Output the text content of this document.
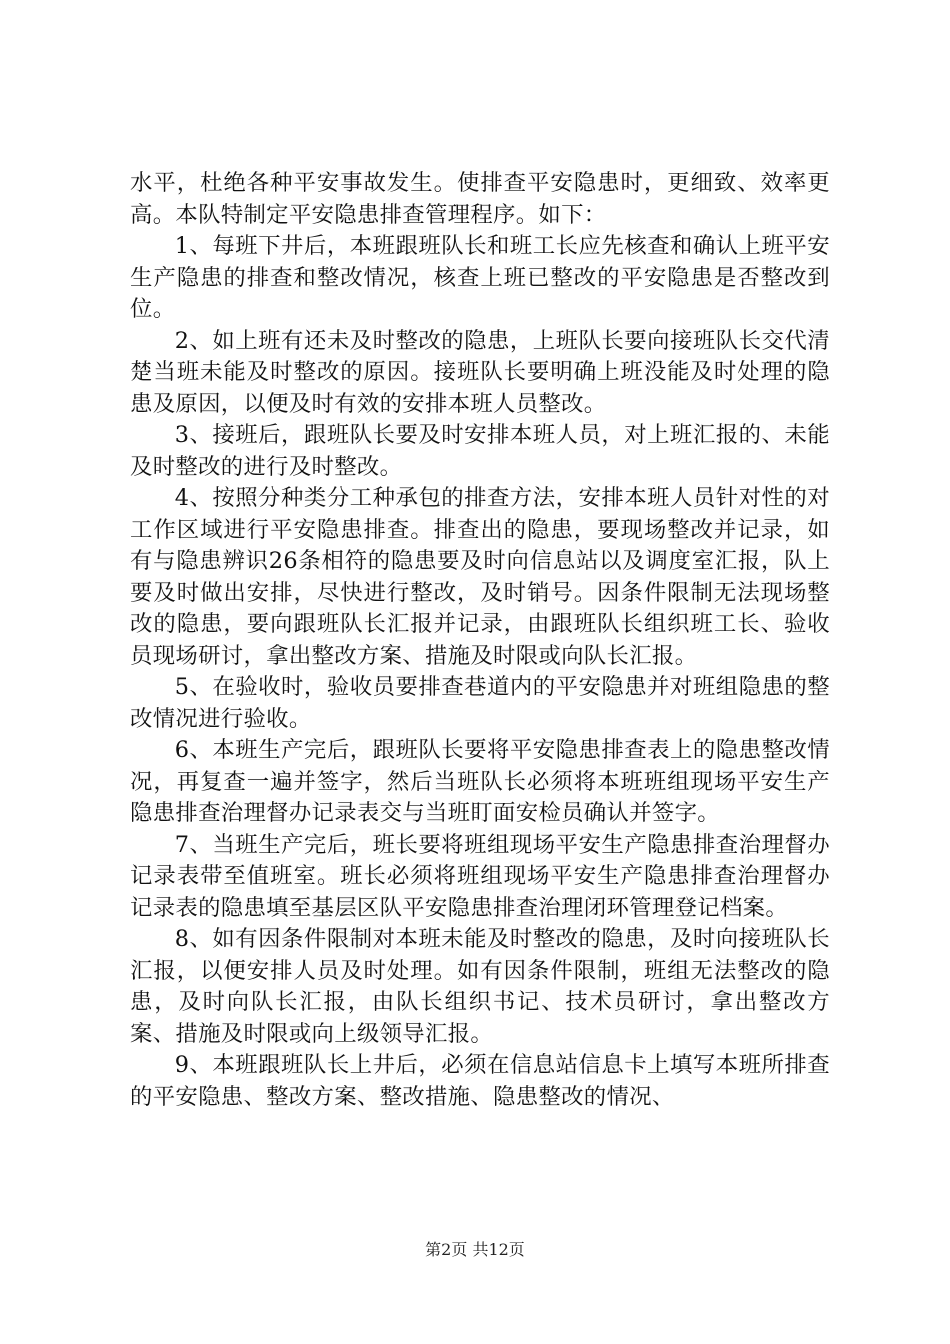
水平，杜绝各种平安事故发生。使排查平安隐患时，更细致、效率更高。本队特制定平安隐患排查管理程序。如下：

1、每班下井后，本班跟班队长和班工长应先核查和确认上班平安生产隐患的排查和整改情况，核查上班已整改的平安隐患是否整改到位。

2、如上班有还未及时整改的隐患，上班队长要向接班队长交代清楚当班未能及时整改的原因。接班队长要明确上班没能及时处理的隐患及原因，以便及时有效的安排本班人员整改。

3、接班后，跟班队长要及时安排本班人员，对上班汇报的、未能及时整改的进行及时整改。

4、按照分种类分工种承包的排查方法，安排本班人员针对性的对工作区域进行平安隐患排查。排查出的隐患，要现场整改并记录，如有与隐患辨识26条相符的隐患要及时向信息站以及调度室汇报，队上要及时做出安排，尽快进行整改，及时销号。因条件限制无法现场整改的隐患，要向跟班队长汇报并记录，由跟班队长组织班工长、验收员现场研讨，拿出整改方案、措施及时限或向队长汇报。

5、在验收时，验收员要排查巷道内的平安隐患并对班组隐患的整改情况进行验收。

6、本班生产完后，跟班队长要将平安隐患排查表上的隐患整改情况，再复查一遍并签字，然后当班队长必须将本班班组现场平安生产隐患排查治理督办记录表交与当班盯面安检员确认并签字。

7、当班生产完后，班长要将班组现场平安生产隐患排查治理督办记录表带至值班室。班长必须将班组现场平安生产隐患排查治理督办记录表的隐患填至基层区队平安隐患排查治理闭环管理登记档案。

8、如有因条件限制对本班未能及时整改的隐患，及时向接班队长汇报，以便安排人员及时处理。如有因条件限制，班组无法整改的隐患，及时向队长汇报，由队长组织书记、技术员研讨，拿出整改方案、措施及时限或向上级领导汇报。

9、本班跟班队长上井后，必须在信息站信息卡上填写本班所排查的平安隐患、整改方案、整改措施、隐患整改的情况、

第2页 共12页
